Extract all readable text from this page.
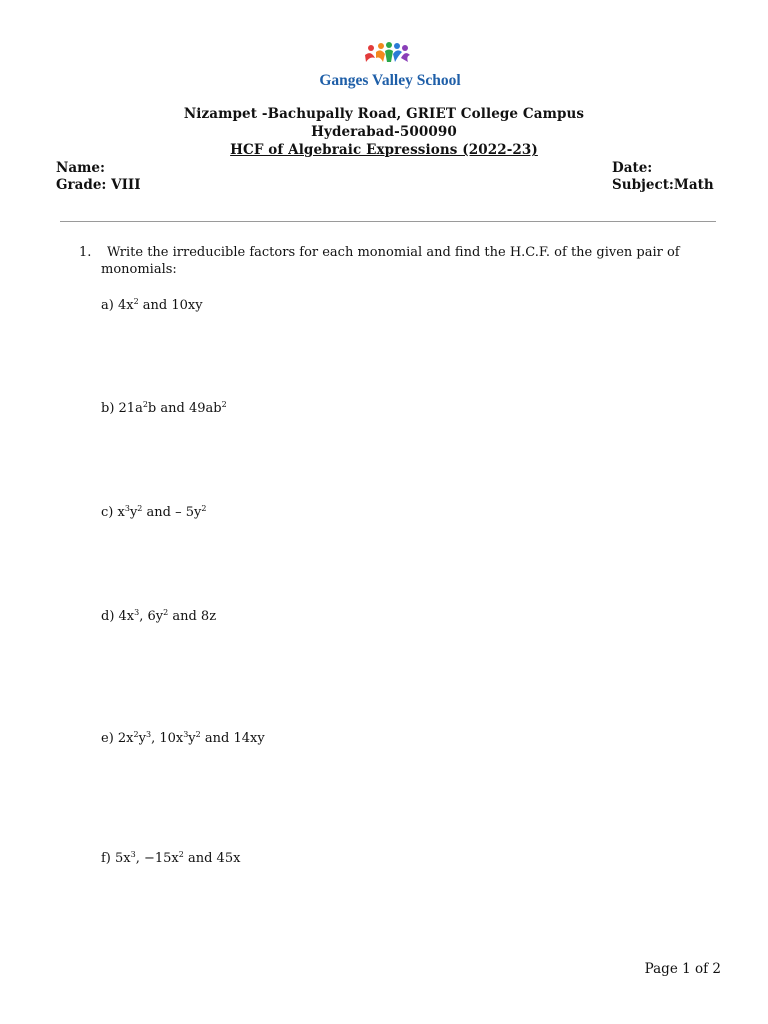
Ganges Valley School
Nizampet -Bachupally Road, GRIET College Campus
Hyderabad-500090
HCF of Algebraic Expressions (2022-23)
Name:
Grade: VIII
Date:
Subject:Math
1.	Write the irreducible factors for each monomial and find the H.C.F. of the given pair of monomials:
a) $4x^2$ and 10xy
b) $21a^2b$ and $49ab^2$
c) $x^3y^2$ and – $5y^2$
d) $4x^3$, $6y^2$ and 8z
e) $2x^2y^3$, $10x^3y^2$ and 14xy
f) $5x^3$, $-15x^2$ and 45x
Page 1 of 2
